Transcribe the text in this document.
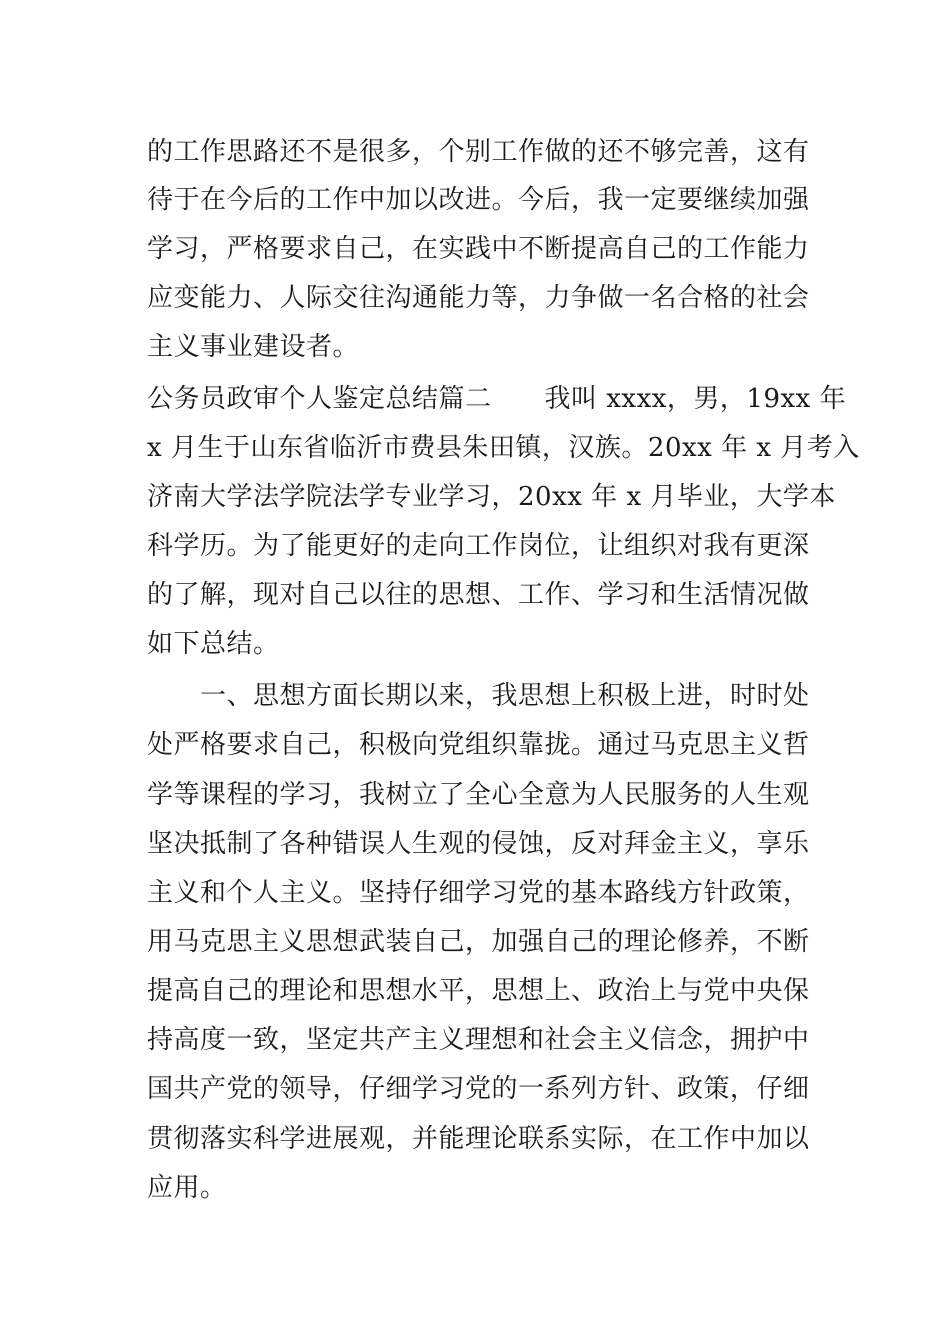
的工作思路还不是很多，个别工作做的还不够完善，这有
待于在今后的工作中加以改进。今后，我一定要继续加强
学习，严格要求自己，在实践中不断提高自己的工作能力
应变能力、人际交往沟通能力等，力争做一名合格的社会
主义事业建设者。
公务员政审个人鉴定总结篇二　　我叫 xxxx，男，19xx 年
x 月生于山东省临沂市费县朱田镇，汉族。20xx 年 x 月考入
济南大学法学院法学专业学习，20xx 年 x 月毕业，大学本
科学历。为了能更好的走向工作岗位，让组织对我有更深
的了解，现对自己以往的思想、工作、学习和生活情况做
如下总结。
一、思想方面长期以来，我思想上积极上进，时时处
处严格要求自己，积极向党组织靠拢。通过马克思主义哲
学等课程的学习，我树立了全心全意为人民服务的人生观
坚决抵制了各种错误人生观的侵蚀，反对拜金主义，享乐
主义和个人主义。坚持仔细学习党的基本路线方针政策，
用马克思主义思想武装自己，加强自己的理论修养，不断
提高自己的理论和思想水平，思想上、政治上与党中央保
持高度一致，坚定共产主义理想和社会主义信念，拥护中
国共产党的领导，仔细学习党的一系列方针、政策，仔细
贯彻落实科学进展观，并能理论联系实际，在工作中加以
应用。
